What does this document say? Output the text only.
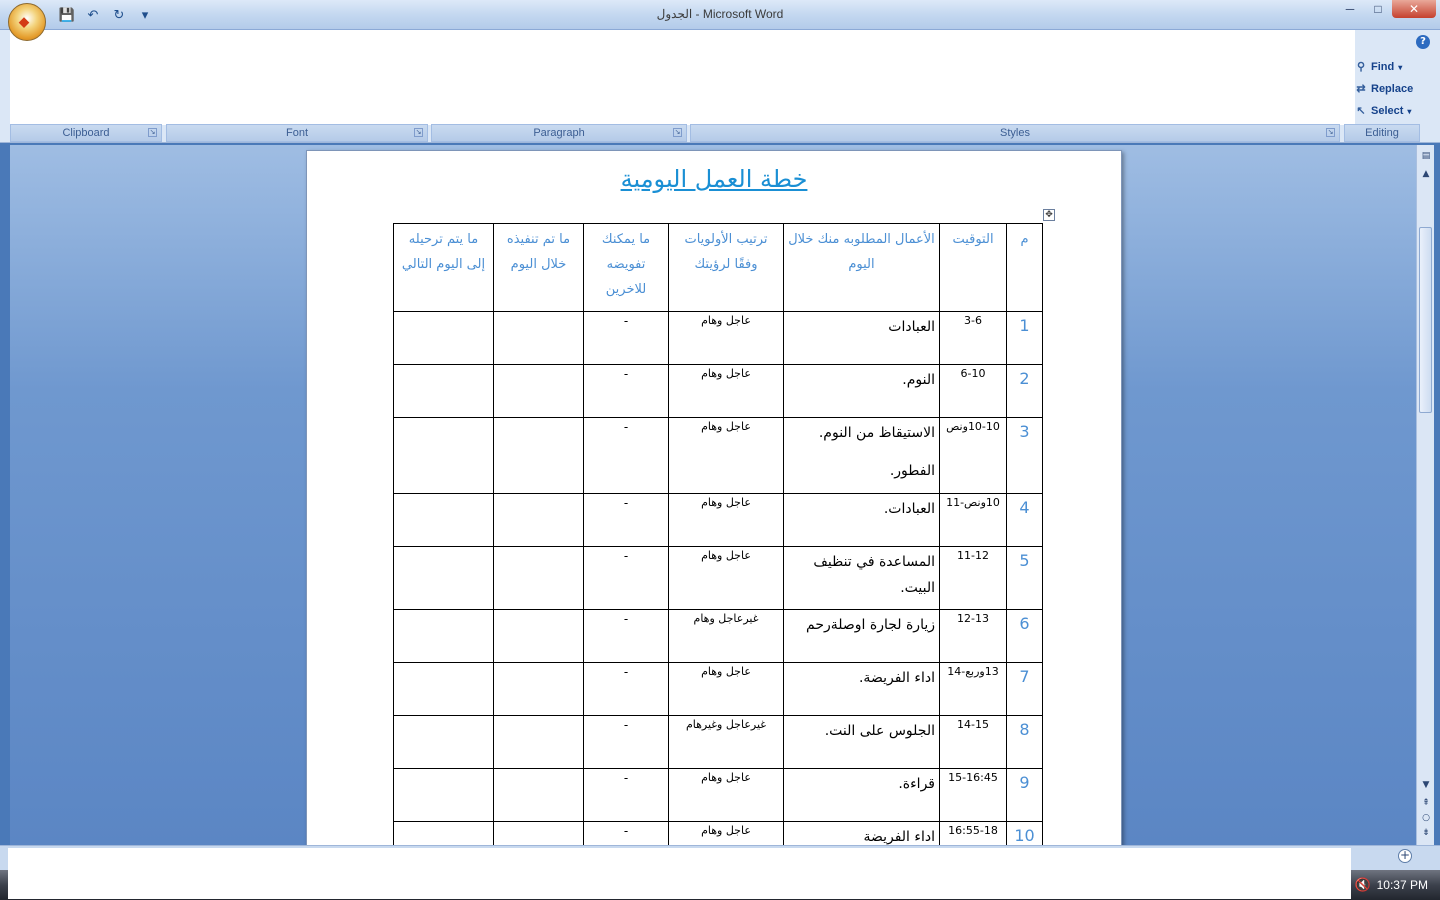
◆ 💾 ↶ ↻	▾	الجدول - Microsoft Word	─	□	✕
?
⚲ Find ▾
⇄ Replace
↖ Select ▾
Clipboard	↘	Font	↘	Paragraph	↘	Styles	↘	Editing
خطة العمل اليومية
✥
م	التوقيت	الأعمال المطلوبه منك خلال اليوم	ترتيب الأولويات وفقًا لرؤيتك	ما يمكنك تفويضه للاخرين	ما تم تنفيذه خلال اليوم	ما يتم ترحيله إلى اليوم التالي
1	3-6	العبادات	عاجل وهام	-		
2	6-10	النوم.	عاجل وهام	-		
3	10-10ونص	الاستيقاظ من النوم.
الفطور.	عاجل وهام	-		
4	10ونص-11	العبادات.	عاجل وهام	-		
5	11-12	المساعدة في تنظيف البيت.	عاجل وهام	-		
6	12-13	زيارة لجارة اوصلةرحم	غيرعاجل وهام	-		
7	13وربع-14	اداء الفريضة.	عاجل وهام	-		
8	14-15	الجلوس على النت.	غيرعاجل وغيرهام	-		
9	15-16:45	قراءة.	عاجل وهام	-		
10	16:55-18	اداء الفريضة	عاجل وهام	-		
▤
▲
▼
⇞
○
⇟
+
🔇 10:37 PM
